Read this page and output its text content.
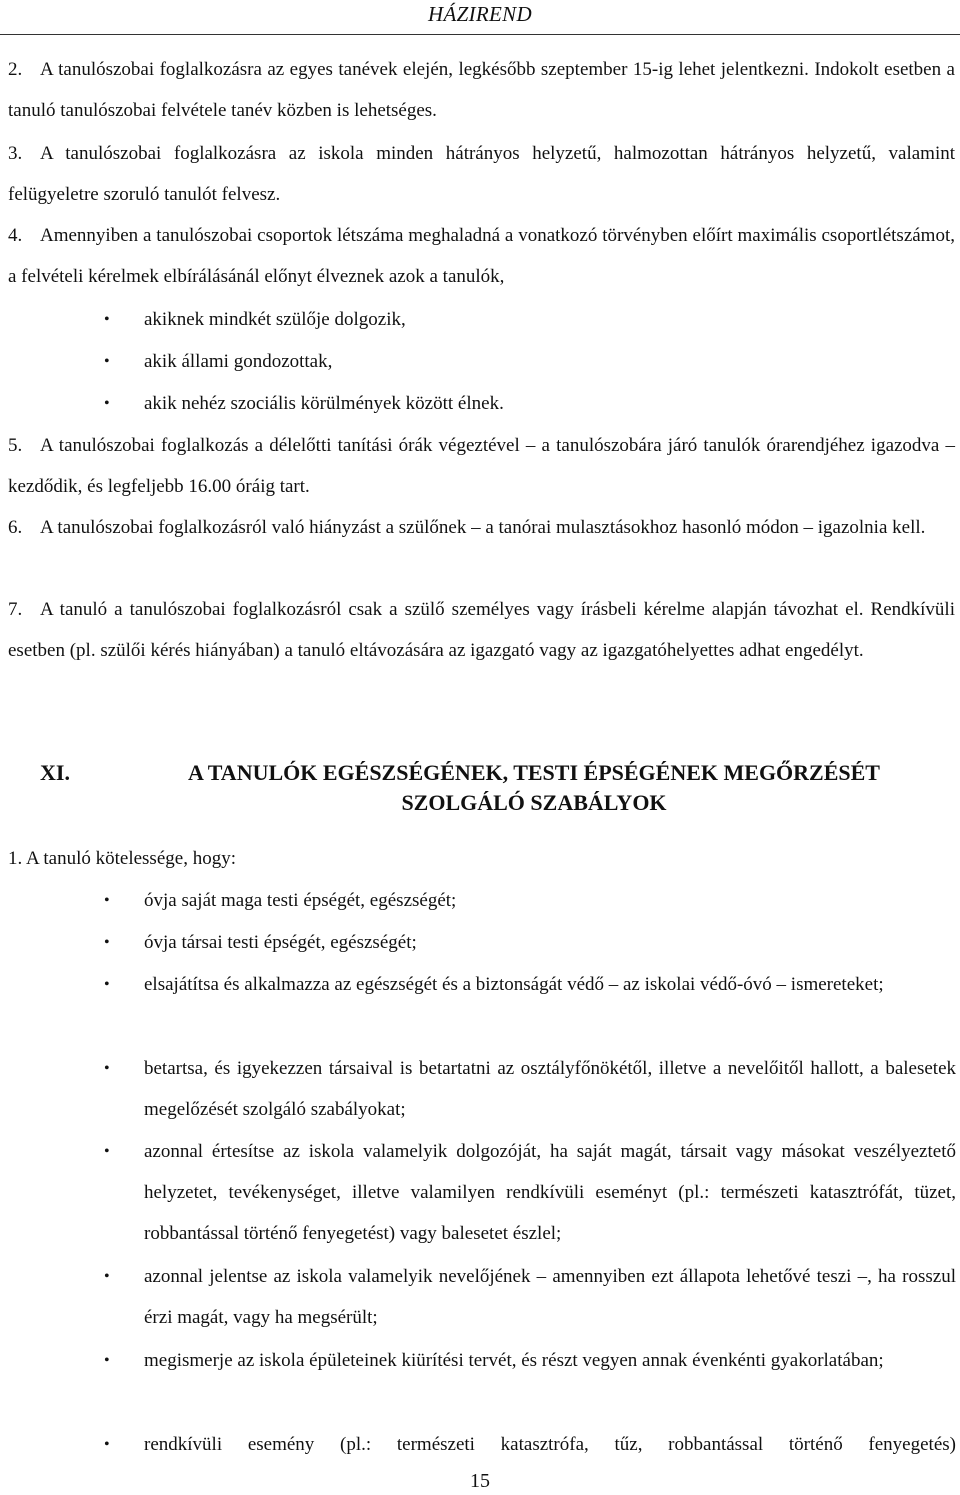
HÁZIREND
2. A tanulószobai foglalkozásra az egyes tanévek elején, legkésőbb szeptember 15-ig lehet jelentkezni. Indokolt esetben a tanuló tanulószobai felvétele tanév közben is lehetséges.
3. A tanulószobai foglalkozásra az iskola minden hátrányos helyzetű, halmozottan hátrányos helyzetű, valamint felügyeletre szoruló tanulót felvesz.
4. Amennyiben a tanulószobai csoportok létszáma meghaladná a vonatkozó törvényben előírt maximális csoportlétszámot, a felvételi kérelmek elbírálásánál előnyt élveznek azok a tanulók,
•	akiknek mindkét szülője dolgozik,
•	akik állami gondozottak,
•	akik nehéz szociális körülmények között élnek.
5. A tanulószobai foglalkozás a délelőtti tanítási órák végeztével – a tanulószobára járó tanulók órarendjéhez igazodva – kezdődik, és legfeljebb 16.00 óráig tart.
6. A tanulószobai foglalkozásról való hiányzást a szülőnek – a tanórai mulasztásokhoz hasonló módon – igazolnia kell.
7. A tanuló a tanulószobai foglalkozásról csak a szülő személyes vagy írásbeli kérelme alapján távozhat el. Rendkívüli esetben (pl. szülői kérés hiányában) a tanuló eltávozására az igazgató vagy az igazgatóhelyettes adhat engedélyt.
XI.	A TANULÓK EGÉSZSÉGÉNEK, TESTI ÉPSÉGÉNEK MEGŐRZÉSÉT
SZOLGÁLÓ SZABÁLYOK
1. A tanuló kötelessége, hogy:
•	óvja saját maga testi épségét, egészségét;
•	óvja társai testi épségét, egészségét;
•	elsajátítsa és alkalmazza az egészségét és a biztonságát védő – az iskolai védő-óvó – ismereteket;
•	betartsa, és igyekezzen társaival is betartatni az osztályfőnökétől, illetve a nevelőitől hallott, a balesetek megelőzését szolgáló szabályokat;
•	azonnal értesítse az iskola valamelyik dolgozóját, ha saját magát, társait vagy másokat veszélyeztető helyzetet, tevékenységet, illetve valamilyen rendkívüli eseményt (pl.: természeti katasztrófát, tüzet, robbantással történő fenyegetést) vagy balesetet észlel;
•	azonnal jelentse az iskola valamelyik nevelőjének – amennyiben ezt állapota lehetővé teszi –, ha rosszul érzi magát, vagy ha megsérült;
•	megismerje az iskola épületeinek kiürítési tervét, és részt vegyen annak évenkénti gyakorlatában;
•	rendkívüli esemény (pl.: természeti katasztrófa, tűz, robbantással történő fenyegetés)
15
